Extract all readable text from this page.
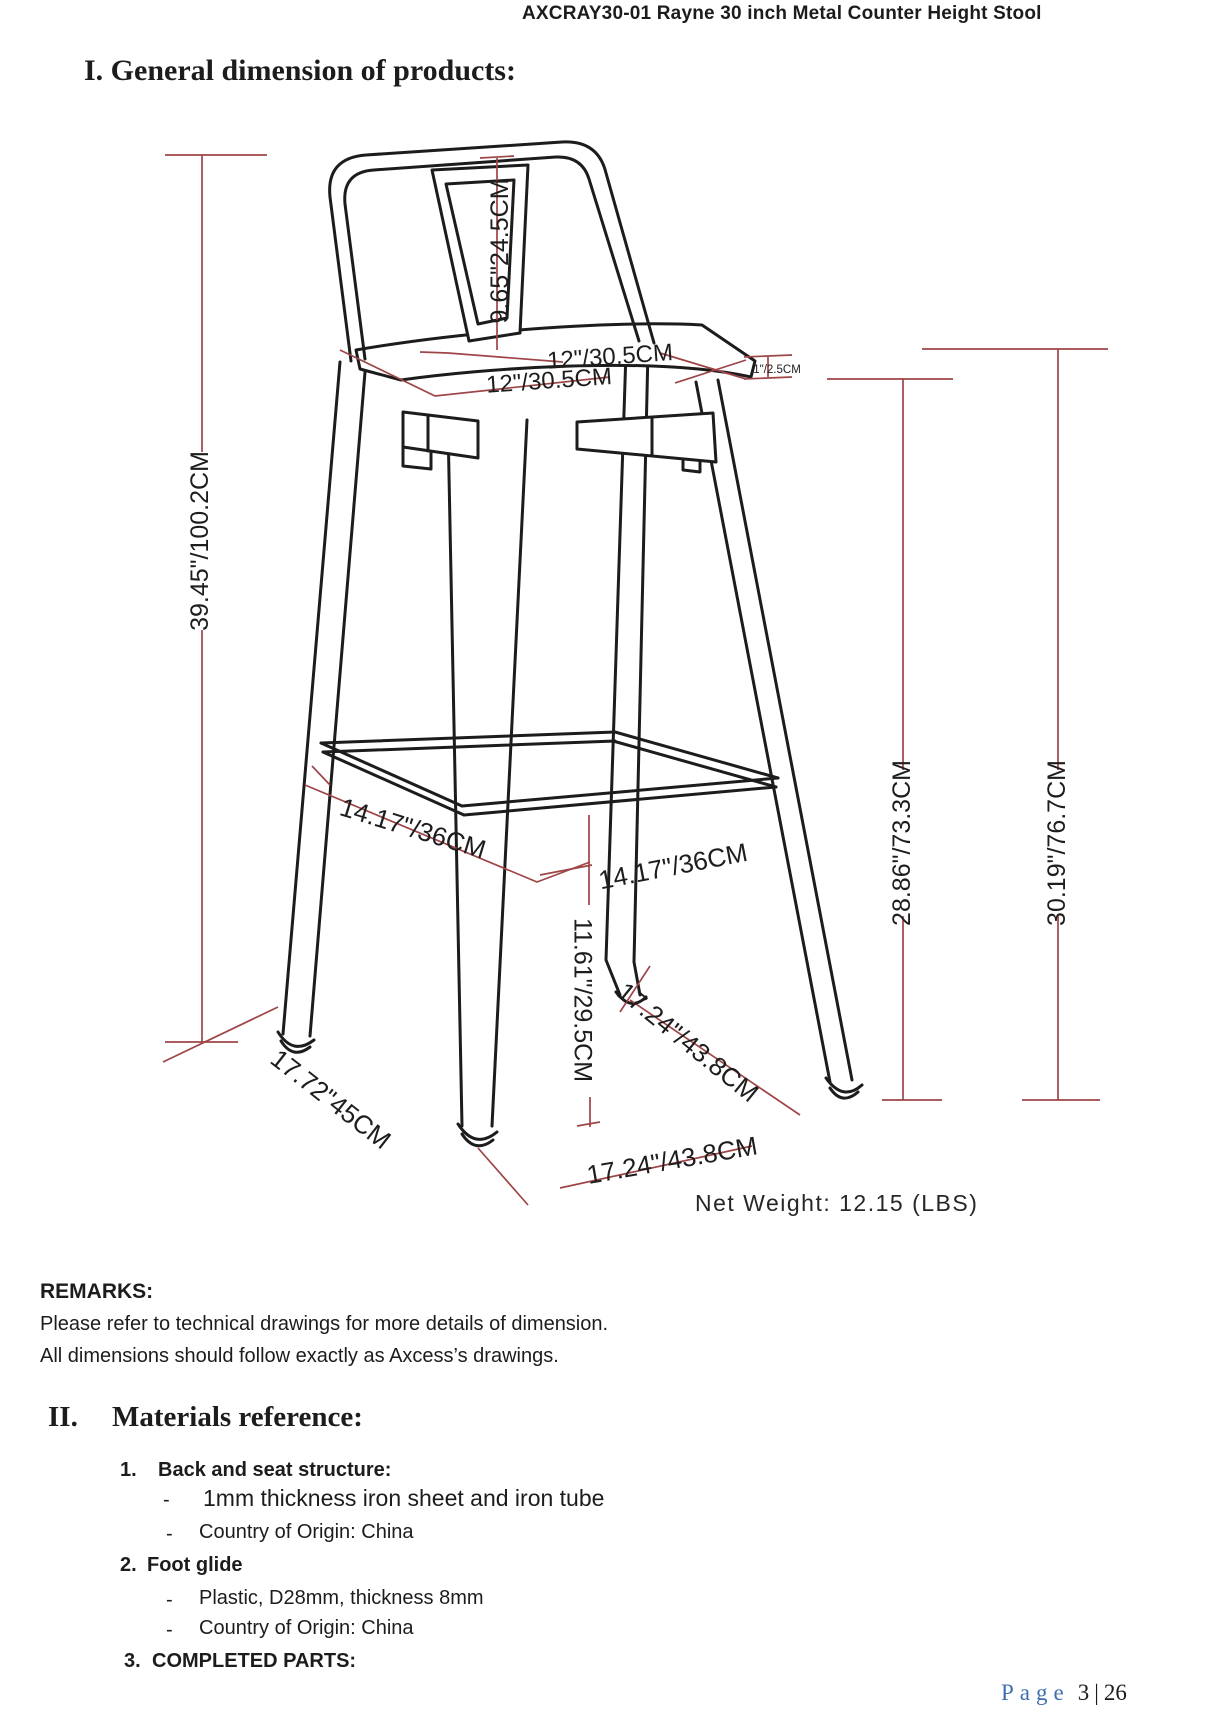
AXCRAY30-01 Rayne 30 inch Metal Counter Height Stool
I. General dimension of products:
9.65"24.5CM
39.45"/100.2CM
28.86"/73.3CM	30.19"/76.7CM
11.61"/29.5CM
12"/30.5CM
12"/30.5CM	1"/2.5CM
14.17"/36CM
14.17"/36CM
17.24"/43.8CM
17.24"/43.8CM
17.72"45CM
Net Weight: 12.15 (LBS)
REMARKS:
Please refer to technical drawings for more details of dimension.
All dimensions should follow exactly as Axcess’s drawings.
II. Materials reference:
1. Back and seat structure:
- 1mm thickness iron sheet and iron tube
- Country of Origin: China
2. Foot glide
- Plastic, D28mm, thickness 8mm
- Country of Origin: China
3. COMPLETED PARTS:
Page 3 | 26
